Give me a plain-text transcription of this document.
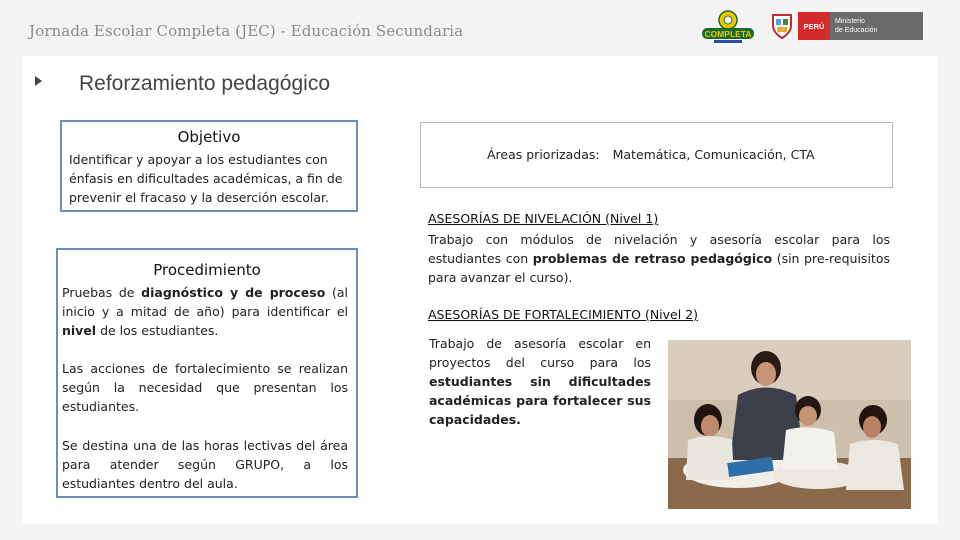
Jornada Escolar Completa (JEC) - Educación Secundaria	COMPLETA
PERÚ	Ministerio
de Educación
Reforzamiento pedagógico
Objetivo

Identificar y apoyar a los estudiantes con énfasis en dificultades académicas, a fin de prevenir el fracaso y la deserción escolar.

Procedimiento

Pruebas de diagnóstico y de proceso (al inicio y a mitad de año) para identificar el nivel de los estudiantes.

Las acciones de fortalecimiento se realizan según la necesidad que presentan los estudiantes.

Se destina una de las horas lectivas del área para atender según GRUPO, a los estudiantes dentro del aula.

Áreas priorizadas: Matemática, Comunicación, CTA
ASESORÍAS DE NIVELACIÓN (Nivel 1)

Trabajo con módulos de nivelación y asesoría escolar para los estudiantes con problemas de retraso pedagógico (sin pre-requisitos para avanzar el curso).

ASESORÍAS DE FORTALECIMIENTO (Nivel 2)

Trabajo de asesoría escolar en proyectos del curso para los estudiantes sin dificultades académicas para fortalecer sus capacidades.
